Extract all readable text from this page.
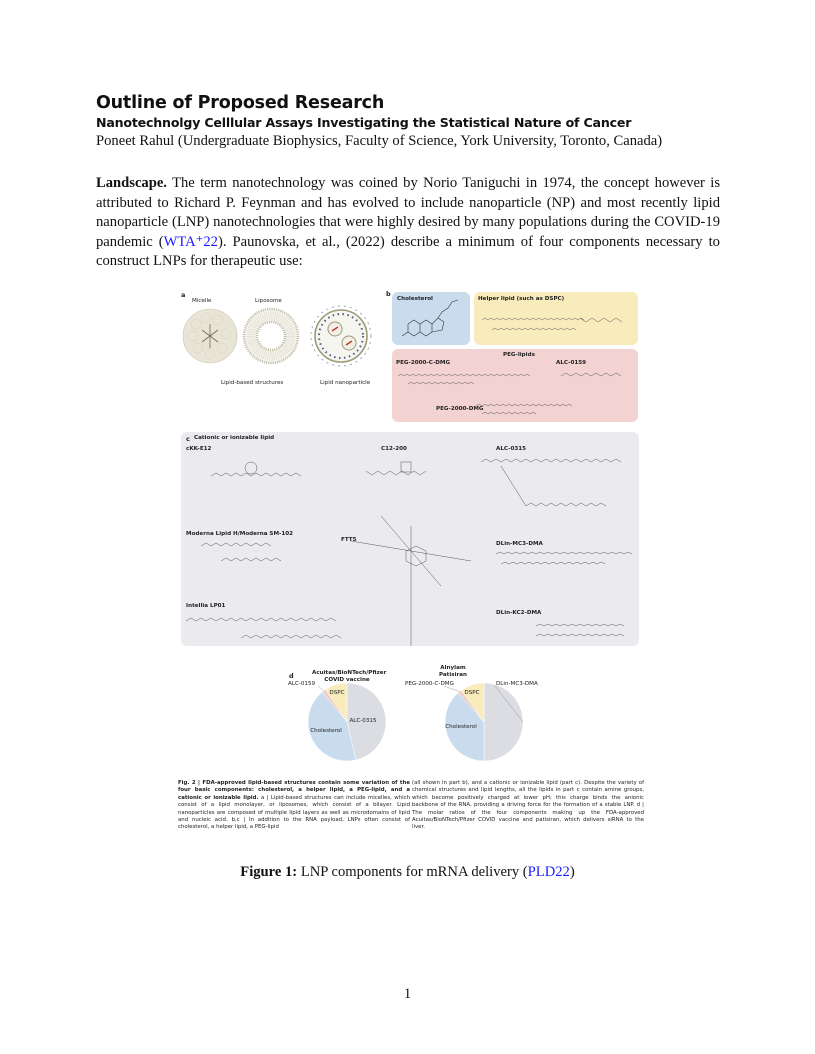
Outline of Proposed Research
Nanotechnolgy Celllular Assays Investigating the Statistical Nature of Cancer
Poneet Rahul (Undergraduate Biophysics, Faculty of Science, York University, Toronto, Canada)
Landscape. The term nanotechnology was coined by Norio Taniguchi in 1974, the concept however is attributed to Richard P. Feynman and has evolved to include nanoparticle (NP) and most recently lipid nanoparticle (LNP) nanotechnologies that were highly desired by many populations during the COVID-19 pandemic (WTA⁺22). Paunovska, et al., (2022) describe a minimum of four components necessary to construct LNPs for therapeutic use:
a
Micelle	Liposome
Lipid-based structures	Lipid nanoparticle
b
Cholesterol	Helper lipid (such as DSPC)
PEG-lipids
PEG-2000-C-DMG	ALC-0159
PEG-2000-DMG
c Cationic or ionizable lipid
cKK-E12	C12-200	ALC-0315
Moderna Lipid H/Moderna SM-102
FTT5
DLin-MC3-DMA
Intellia LP01
DLin-KC2-DMA
d	Acuitas/BioNTech/Pfizer
COVID vaccine
Alnylam
Patisiran
ALC-0315
Cholesterol
ALC-0159
DSPC
DLin-MC3-DMA
Cholesterol
PEG-2000-C-DMG
DSPC
Fig. 2 | FDA-approved lipid-based structures contain some variation of the four basic components: cholesterol, a helper lipid, a PEG-lipid, and a cationic or ionizable lipid. a | Lipid-based structures can include micelles, which consist of a lipid monolayer, or liposomes, which consist of a bilayer. Lipid nanoparticles are composed of multiple lipid layers as well as microdomains of lipid and nucleic acid. b,c | In addition to the RNA payload, LNPs often consist of cholesterol, a helper lipid, a PEG-lipid
(all shown in part b), and a cationic or ionizable lipid (part c). Despite the variety of chemical structures and lipid lengths, all the lipids in part c contain amine groups, which become positively charged at lower pH; this charge binds the anionic backbone of the RNA, providing a driving force for the formation of a stable LNP. d | The molar ratios of the four components making up the FDA-approved Acuitas/BioNTech/Pfizer COVID vaccine and patisiran, which delivers siRNA to the liver.
Figure 1: LNP components for mRNA delivery (PLD22)
1
